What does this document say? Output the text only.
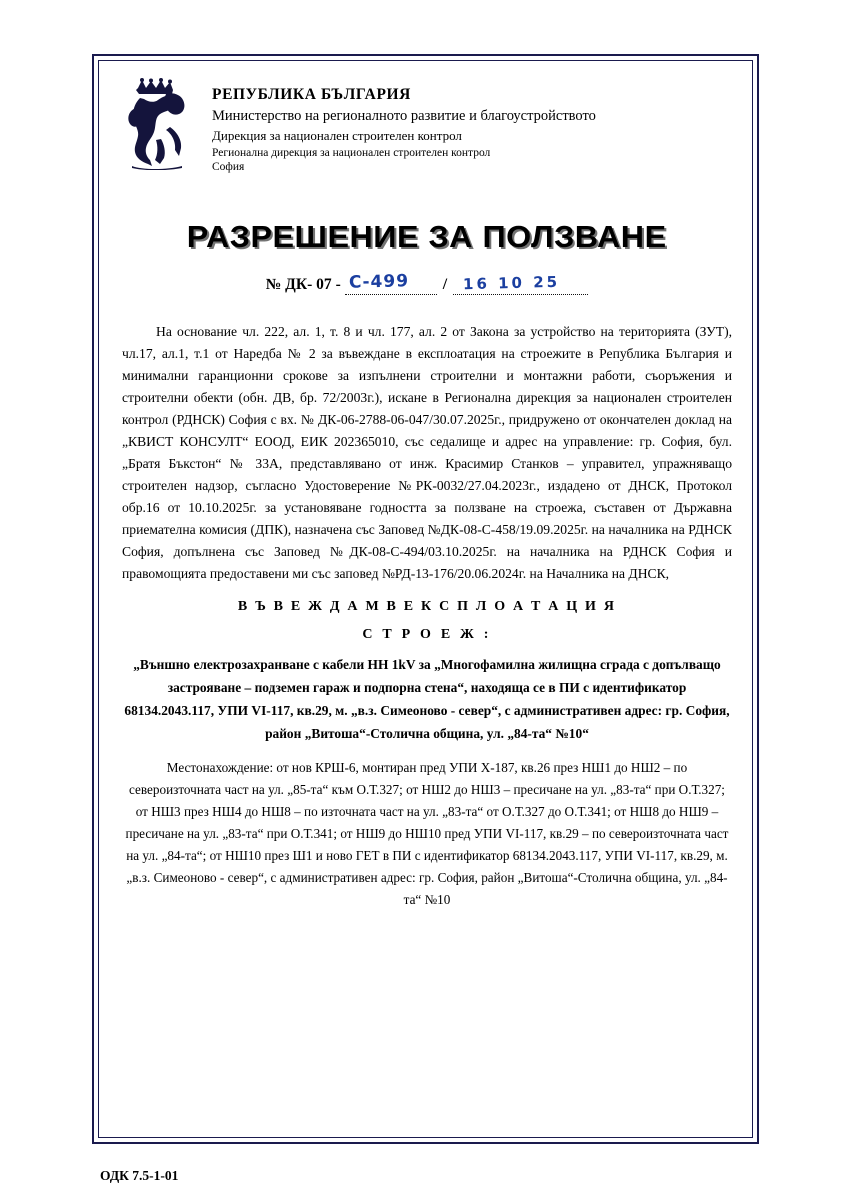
РЕПУБЛИКА БЪЛГАРИЯ
Министерство на регионалното развитие и благоустройството
Дирекция за национален строителен контрол
Регионална дирекция за национален строителен контрол
София
РАЗРЕШЕНИЕ ЗА ПОЛЗВАНЕ
№ ДК- 07 - С-499 / 16 10 25

На основание чл. 222, ал. 1, т. 8 и чл. 177, ал. 2 от Закона за устройство на територията (ЗУТ), чл.17, ал.1, т.1 от Наредба № 2 за въвеждане в експлоатация на строежите в Република България и минимални гаранционни срокове за изпълнени строителни и монтажни работи, съоръжения и строителни обекти (обн. ДВ, бр. 72/2003г.), искане в Регионална дирекция за национален строителен контрол (РДНСК) София с вх. № ДК-06-2788-06-047/30.07.2025г., придружено от окончателен доклад на „КВИСТ КОНСУЛТ“ ЕООД, ЕИК 202365010, със седалище и адрес на управление: гр. София, бул. „Братя Бъкстон“ № 33А, представлявано от инж. Красимир Станков – управител, упражняващо строителен надзор, съгласно Удостоверение №РК-0032/27.04.2023г., издадено от ДНСК, Протокол обр.16 от 10.10.2025г. за установяване годността за ползване на строежа, съставен от Държавна приемателна комисия (ДПК), назначена със Заповед №ДК-08-С-458/19.09.2025г. на началника на РДНСК София, допълнена със Заповед №ДК-08-С-494/03.10.2025г. на началника на РДНСК София и правомощията предоставени ми със заповед №РД-13-176/20.06.2024г. на Началника на ДНСК,

В Ъ В Е Ж Д А М В Е К С П Л О А Т А Ц И Я
С Т Р О Е Ж :
„Външно електрозахранване с кабели НН 1kV за „Многофамилна жилищна сграда с допълващо застрояване – подземен гараж и подпорна стена“, находяща се в ПИ с идентификатор 68134.2043.117, УПИ VI-117, кв.29, м. „в.з. Симеоново - север“, с административен адрес: гр. София, район „Витоша“-Столична община, ул. „84-та“ №10“
Местонахождение: от нов КРШ-6, монтиран пред УПИ X-187, кв.26 през НШ1 до НШ2 – по североизточната част на ул. „85-та“ към О.Т.327; от НШ2 до НШ3 – пресичане на ул. „83-та“ при О.Т.327; от НШ3 през НШ4 до НШ8 – по източната част на ул. „83-та“ от О.Т.327 до О.Т.341; от НШ8 до НШ9 – пресичане на ул. „83-та“ при О.Т.341; от НШ9 до НШ10 пред УПИ VI-117, кв.29 – по североизточната част на ул. „84-та“; от НШ10 през Ш1 и ново ГЕТ в ПИ с идентификатор 68134.2043.117, УПИ VI-117, кв.29, м. „в.з. Симеоново - север“, с административен адрес: гр. София, район „Витоша“-Столична община, ул. „84-та“ №10
ОДК 7.5-1-01
